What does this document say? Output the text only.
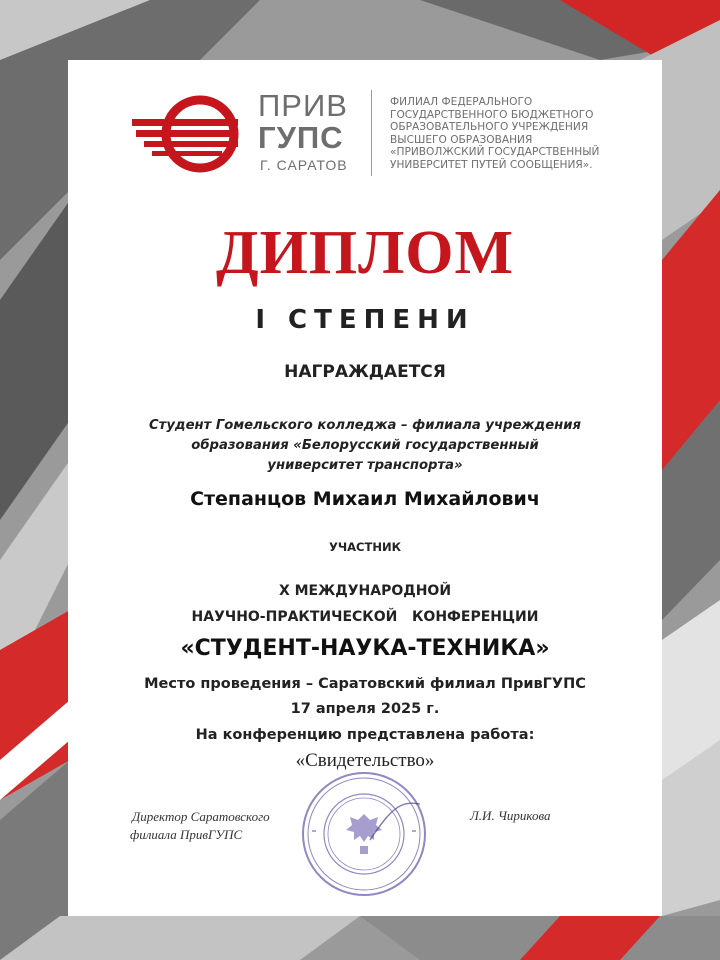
ПРИВ
ГУПС
Г. САРАТОВ
ФИЛИАЛ ФЕДЕРАЛЬНОГО
ГОСУДАРСТВЕННОГО БЮДЖЕТНОГО
ОБРАЗОВАТЕЛЬНОГО УЧРЕЖДЕНИЯ
ВЫСШЕГО ОБРАЗОВАНИЯ
«ПРИВОЛЖСКИЙ ГОСУДАРСТВЕННЫЙ
УНИВЕРСИТЕТ ПУТЕЙ СООБЩЕНИЯ».
ДИПЛОМ
I СТЕПЕНИ
НАГРАЖДАЕТСЯ
Студент Гомельского колледжа – филиала учреждения
образования «Белорусский государственный
университет транспорта»
Степанцов Михаил Михайлович
УЧАСТНИК
X МЕЖДУНАРОДНОЙ
НАУЧНО-ПРАКТИЧЕСКОЙ   КОНФЕРЕНЦИИ
«СТУДЕНТ-НАУКА-ТЕХНИКА»
Место проведения – Саратовский филиал ПривГУПС
17 апреля 2025 г.
На конференцию представлена работа:
«Свидетельство»
Директор Саратовского
филиала ПривГУПС
Л.И. Чирикова
